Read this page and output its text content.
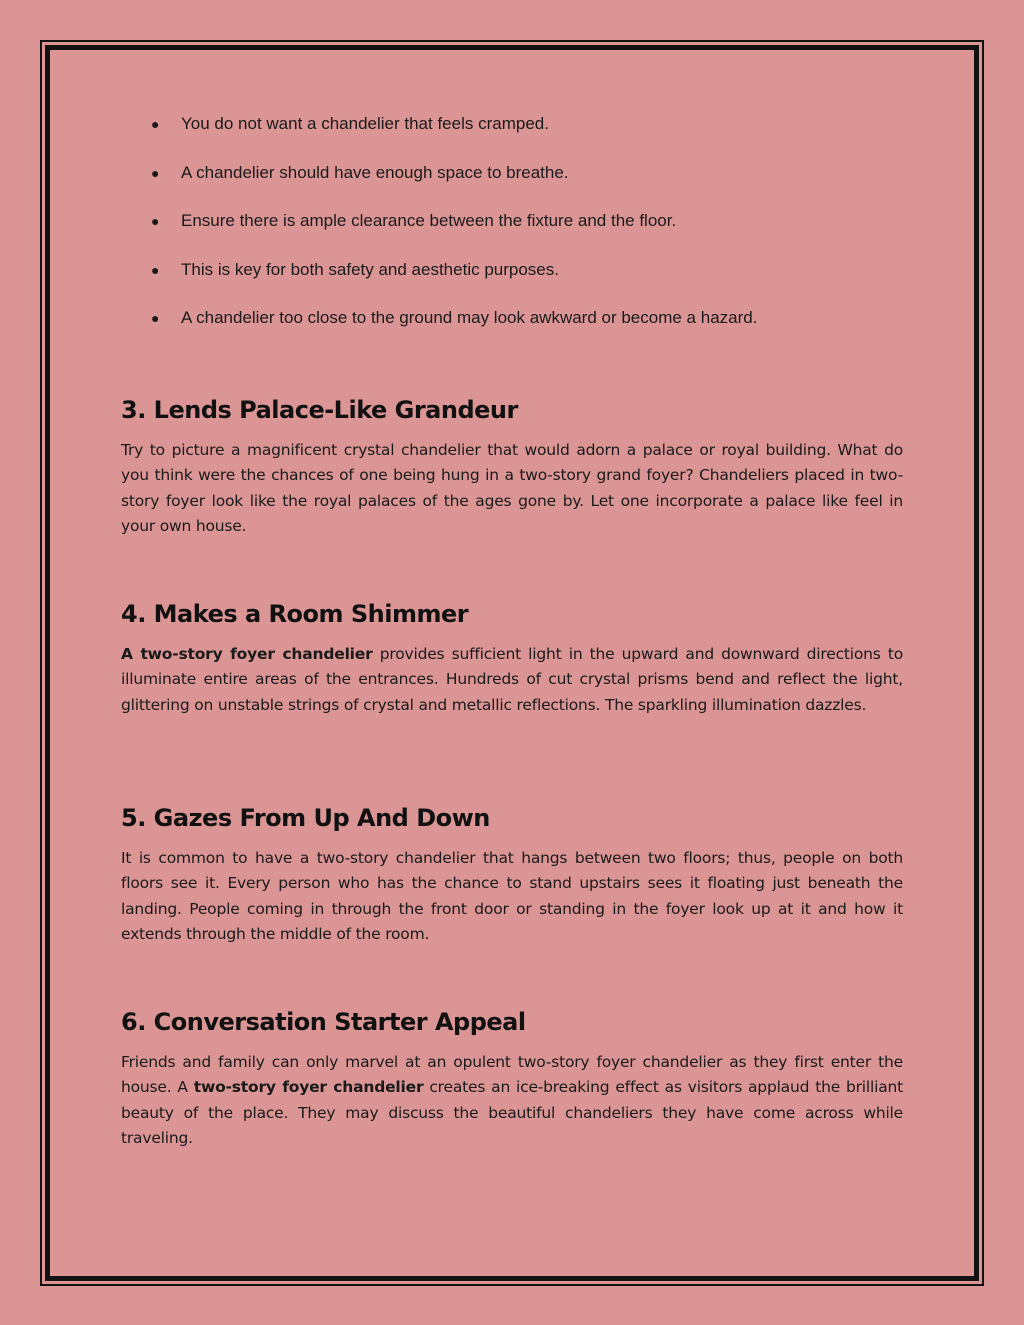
● You do not want a chandelier that feels cramped.
● A chandelier should have enough space to breathe.
● Ensure there is ample clearance between the fixture and the floor.
● This is key for both safety and aesthetic purposes.
● A chandelier too close to the ground may look awkward or become a hazard.
3. Lends Palace-Like Grandeur

Try to picture a magnificent crystal chandelier that would adorn a palace or royal building. What do you think were the chances of one being hung in a two-story grand foyer? Chandeliers placed in two-story foyer look like the royal palaces of the ages gone by. Let one incorporate a palace like feel in your own house.

4. Makes a Room Shimmer

A two-story foyer chandelier provides sufficient light in the upward and downward directions to illuminate entire areas of the entrances. Hundreds of cut crystal prisms bend and reflect the light, glittering on unstable strings of crystal and metallic reflections. The sparkling illumination dazzles.

5. Gazes From Up And Down

It is common to have a two-story chandelier that hangs between two floors; thus, people on both floors see it. Every person who has the chance to stand upstairs sees it floating just beneath the landing. People coming in through the front door or standing in the foyer look up at it and how it extends through the middle of the room.

6. Conversation Starter Appeal

Friends and family can only marvel at an opulent two-story foyer chandelier as they first enter the house. A two-story foyer chandelier creates an ice-breaking effect as visitors applaud the brilliant beauty of the place. They may discuss the beautiful chandeliers they have come across while traveling.
